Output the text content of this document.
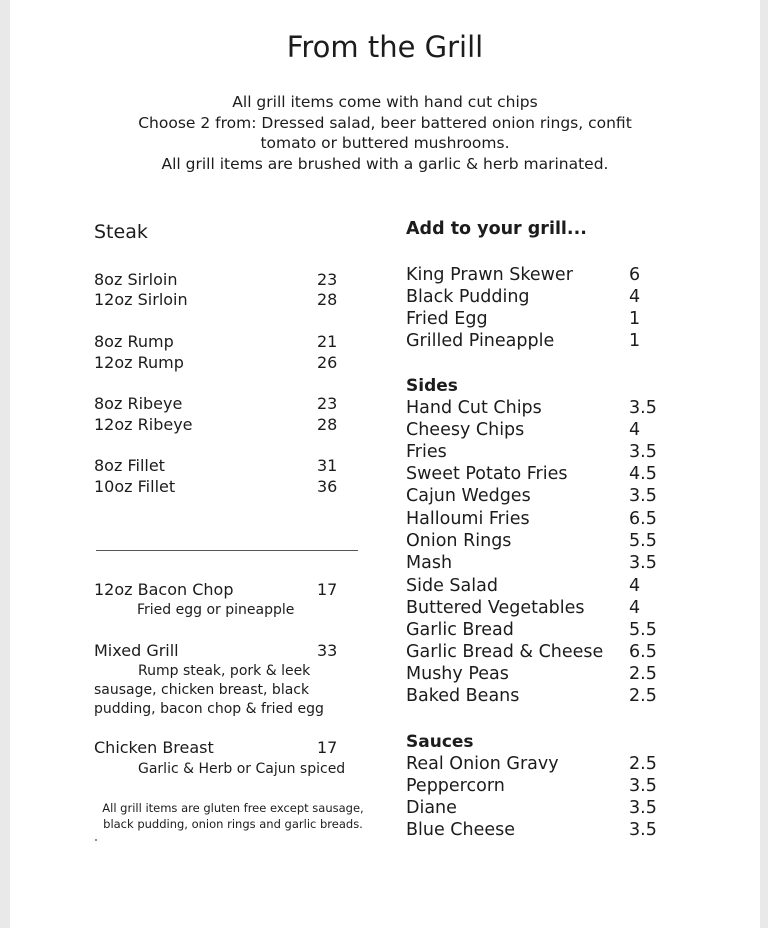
From the Grill
All grill items come with hand cut chips
Choose 2 from: Dressed salad, beer battered onion rings, confit
tomato or buttered mushrooms.
All grill items are brushed with a garlic & herb marinated.
Steak
8oz Sirloin	23
12oz Sirloin	28
8oz Rump	21
12oz Rump	26
8oz Ribeye	23
12oz Ribeye	28
8oz Fillet	31
10oz Fillet	36
12oz Bacon Chop	17
Fried egg or pineapple
Mixed Grill	33
Rump steak, pork & leek
sausage, chicken breast, black
pudding, bacon chop & fried egg
Chicken Breast	17
Garlic & Herb or Cajun spiced
All grill items are gluten free except sausage,
black pudding, onion rings and garlic breads.
Add to your grill...
King Prawn Skewer	6
Black Pudding	4
Fried Egg	1
Grilled Pineapple	1
Sides
Hand Cut Chips	3.5
Cheesy Chips	4
Fries	3.5
Sweet Potato Fries	4.5
Cajun Wedges	3.5
Halloumi Fries	6.5
Onion Rings	5.5
Mash	3.5
Side Salad	4
Buttered Vegetables	4
Garlic Bread	5.5
Garlic Bread & Cheese 6.5
Mushy Peas	2.5
Baked Beans	2.5
Sauces
Real Onion Gravy	2.5
Peppercorn	3.5
Diane	3.5
Blue Cheese	3.5
